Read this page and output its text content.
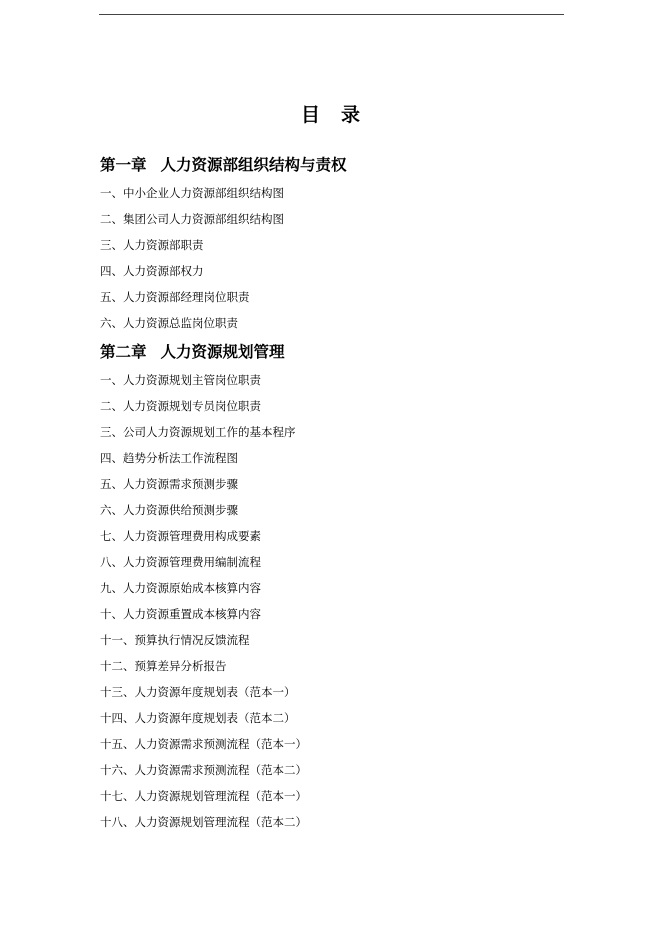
目　录
第一章 人力资源部组织结构与责权
一、中小企业人力资源部组织结构图
二、集团公司人力资源部组织结构图
三、人力资源部职责
四、人力资源部权力
五、人力资源部经理岗位职责
六、人力资源总监岗位职责
第二章 人力资源规划管理
一、人力资源规划主管岗位职责
二、人力资源规划专员岗位职责
三、公司人力资源规划工作的基本程序
四、趋势分析法工作流程图
五、人力资源需求预测步骤
六、人力资源供给预测步骤
七、人力资源管理费用构成要素
八、人力资源管理费用编制流程
九、人力资源原始成本核算内容
十、人力资源重置成本核算内容
十一、预算执行情况反馈流程
十二、预算差异分析报告
十三、人力资源年度规划表（范本一）
十四、人力资源年度规划表（范本二）
十五、人力资源需求预测流程（范本一）
十六、人力资源需求预测流程（范本二）
十七、人力资源规划管理流程（范本一）
十八、人力资源规划管理流程（范本二）
